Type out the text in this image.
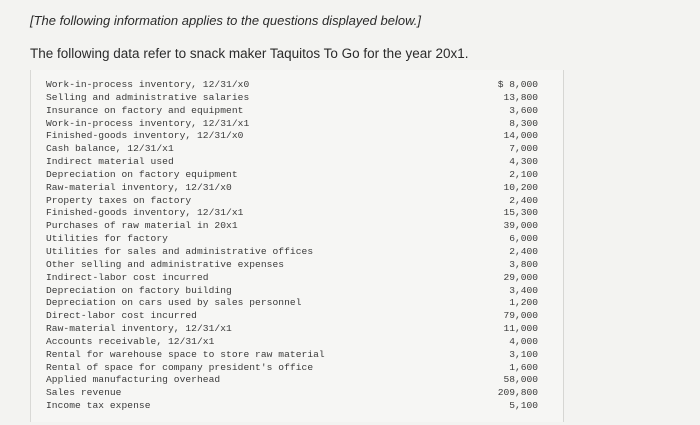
[The following information applies to the questions displayed below.]
The following data refer to snack maker Taquitos To Go for the year 20x1.
Work-in-process inventory, 12/31/x0	$ 8,000
Selling and administrative salaries	13,800
Insurance on factory and equipment	3,600
Work-in-process inventory, 12/31/x1	8,300
Finished-goods inventory, 12/31/x0	14,000
Cash balance, 12/31/x1	7,000
Indirect material used	4,300
Depreciation on factory equipment	2,100
Raw-material inventory, 12/31/x0	10,200
Property taxes on factory	2,400
Finished-goods inventory, 12/31/x1	15,300
Purchases of raw material in 20x1	39,000
Utilities for factory	6,000
Utilities for sales and administrative offices	2,400
Other selling and administrative expenses	3,800
Indirect-labor cost incurred	29,000
Depreciation on factory building	3,400
Depreciation on cars used by sales personnel	1,200
Direct-labor cost incurred	79,000
Raw-material inventory, 12/31/x1	11,000
Accounts receivable, 12/31/x1	4,000
Rental for warehouse space to store raw material	3,100
Rental of space for company president's office	1,600
Applied manufacturing overhead	58,000
Sales revenue	209,800
Income tax expense	5,100
